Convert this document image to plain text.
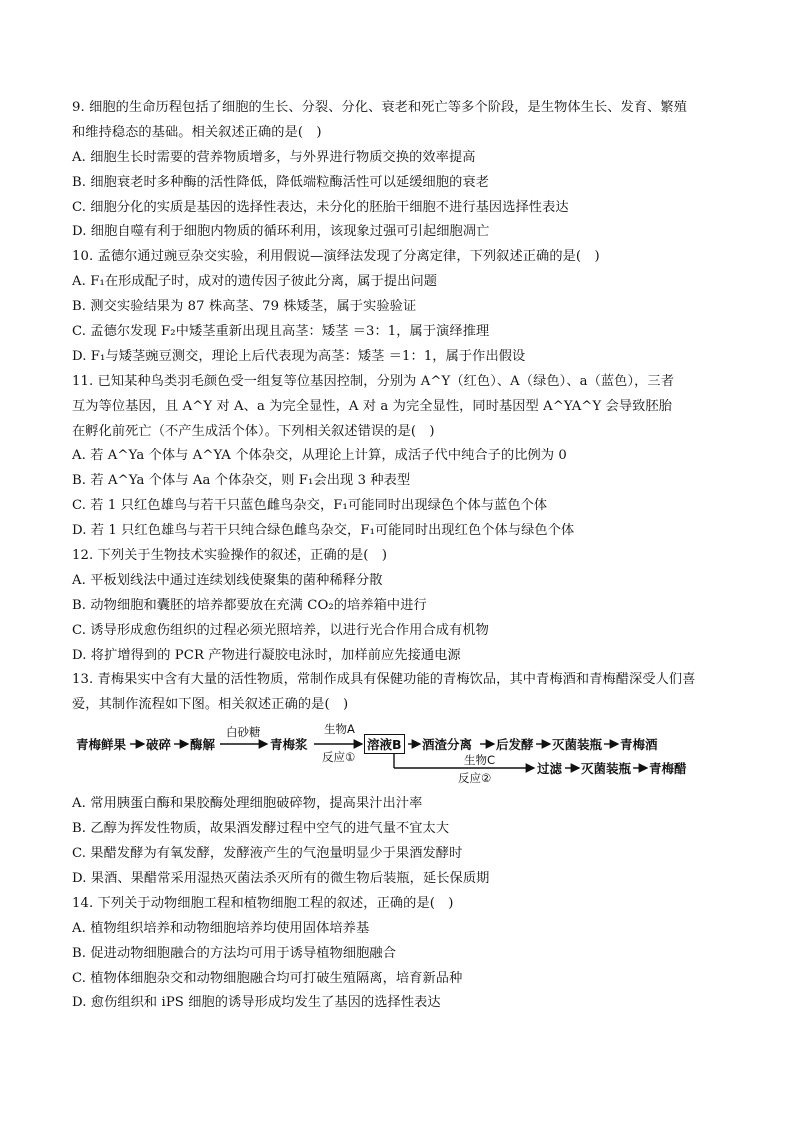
9. 细胞的生命历程包括了细胞的生长、分裂、分化、衰老和死亡等多个阶段，是生物体生长、发育、繁殖
和维持稳态的基础。相关叙述正确的是(　)
A. 细胞生长时需要的营养物质增多，与外界进行物质交换的效率提高
B. 细胞衰老时多种酶的活性降低，降低端粒酶活性可以延缓细胞的衰老
C. 细胞分化的实质是基因的选择性表达，未分化的胚胎干细胞不进行基因选择性表达
D. 细胞自噬有利于细胞内物质的循环利用，该现象过强可引起细胞凋亡
10. 孟德尔通过豌豆杂交实验，利用假说—演绎法发现了分离定律，下列叙述正确的是(　)
A. F₁在形成配子时，成对的遗传因子彼此分离，属于提出问题
B. 测交实验结果为 87 株高茎、79 株矮茎，属于实验验证
C. 孟德尔发现 F₂中矮茎重新出现且高茎：矮茎 ＝3：1，属于演绎推理
D. F₁与矮茎豌豆测交，理论上后代表现为高茎：矮茎 ＝1：1，属于作出假设
11. 已知某种鸟类羽毛颜色受一组复等位基因控制，分别为 A^Y（红色）、A（绿色）、a（蓝色），三者
互为等位基因，且 A^Y 对 A、a 为完全显性，A 对 a 为完全显性，同时基因型 A^YA^Y 会导致胚胎
在孵化前死亡（不产生成活个体）。下列相关叙述错误的是(　)
A. 若 A^Ya 个体与 A^YA 个体杂交，从理论上计算，成活子代中纯合子的比例为 0
B. 若 A^Ya 个体与 Aa 个体杂交，则 F₁会出现 3 种表型
C. 若 1 只红色雄鸟与若干只蓝色雌鸟杂交，F₁可能同时出现绿色个体与蓝色个体
D. 若 1 只红色雄鸟与若干只纯合绿色雌鸟杂交，F₁可能同时出现红色个体与绿色个体
12. 下列关于生物技术实验操作的叙述，正确的是(　)
A. 平板划线法中通过连续划线使聚集的菌种稀释分散
B. 动物细胞和囊胚的培养都要放在充满 CO₂的培养箱中进行
C. 诱导形成愈伤组织的过程必须光照培养，以进行光合作用合成有机物
D. 将扩增得到的 PCR 产物进行凝胶电泳时，加样前应先接通电源
13. 青梅果实中含有大量的活性物质，常制作成具有保健功能的青梅饮品，其中青梅酒和青梅醋深受人们喜
爱，其制作流程如下图。相关叙述正确的是(　)
青梅鲜果 破碎 酶解
白砂糖
青梅浆
生物A
反应①
溶液B 酒渣分离 后发酵 灭菌装瓶 青梅酒
生物C
反应②
过滤 灭菌装瓶 青梅醋
A. 常用胰蛋白酶和果胶酶处理细胞破碎物，提高果汁出汁率
B. 乙醇为挥发性物质，故果酒发酵过程中空气的进气量不宜太大
C. 果醋发酵为有氧发酵，发酵液产生的气泡量明显少于果酒发酵时
D. 果酒、果醋常采用湿热灭菌法杀灭所有的微生物后装瓶，延长保质期
14. 下列关于动物细胞工程和植物细胞工程的叙述，正确的是(　)
A. 植物组织培养和动物细胞培养均使用固体培养基
B. 促进动物细胞融合的方法均可用于诱导植物细胞融合
C. 植物体细胞杂交和动物细胞融合均可打破生殖隔离，培育新品种
D. 愈伤组织和 iPS 细胞的诱导形成均发生了基因的选择性表达
